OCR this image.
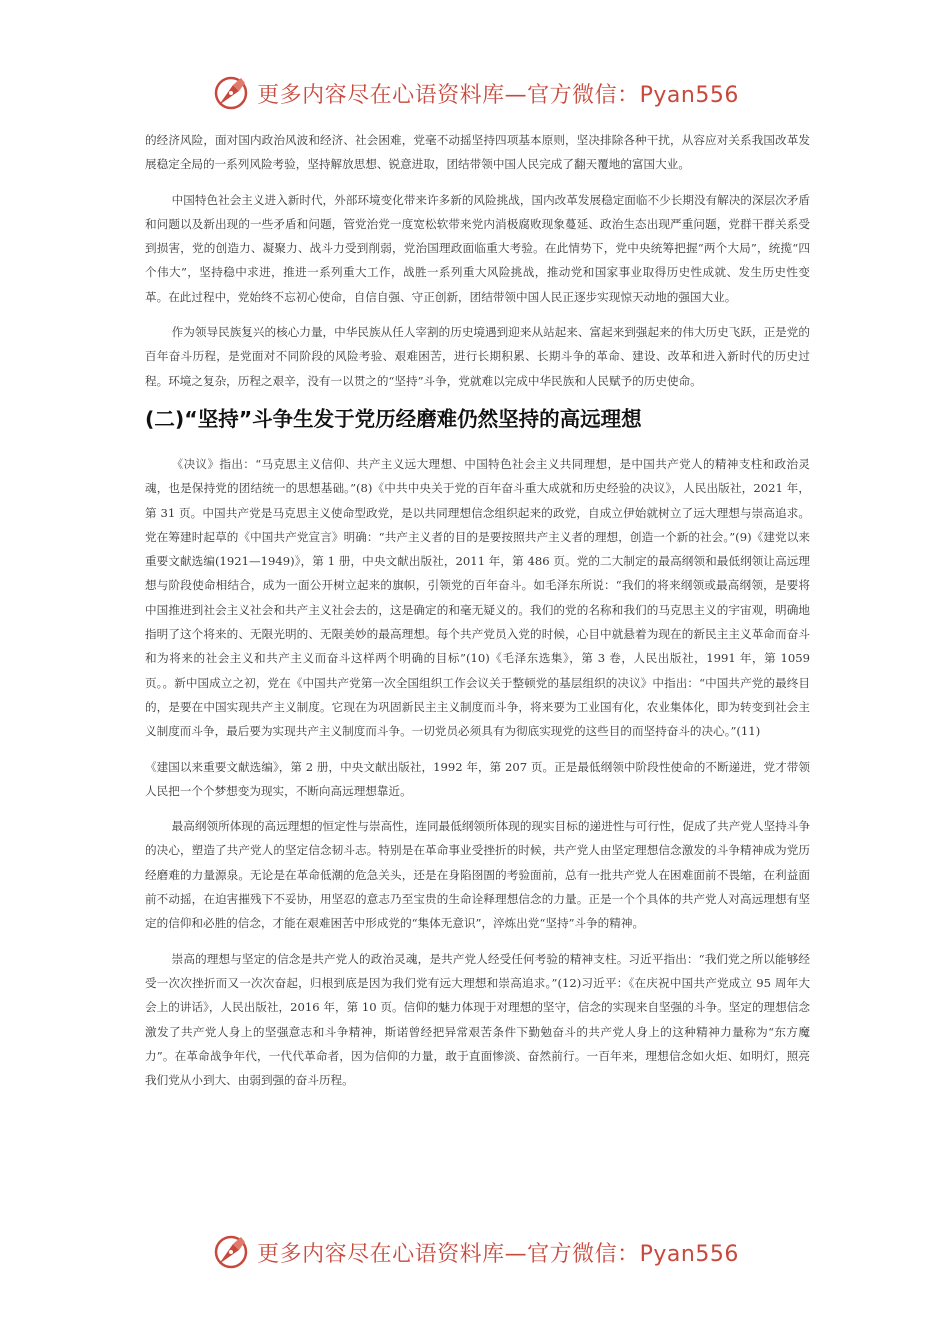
更多内容尽在心语资料库—官方微信：Pyan556

的经济风险，面对国内政治风波和经济、社会困难，党毫不动摇坚持四项基本原则，坚决排除各种干扰，从容应对关系我国改革发展稳定全局的一系列风险考验，坚持解放思想、锐意进取，团结带领中国人民完成了翻天覆地的富国大业。

中国特色社会主义进入新时代，外部环境变化带来许多新的风险挑战，国内改革发展稳定面临不少长期没有解决的深层次矛盾和问题以及新出现的一些矛盾和问题，管党治党一度宽松软带来党内消极腐败现象蔓延、政治生态出现严重问题，党群干群关系受到损害，党的创造力、凝聚力、战斗力受到削弱，党治国理政面临重大考验。在此情势下，党中央统筹把握“两个大局”，统揽“四个伟大”，坚持稳中求进，推进一系列重大工作，战胜一系列重大风险挑战，推动党和国家事业取得历史性成就、发生历史性变革。在此过程中，党始终不忘初心使命，自信自强、守正创新，团结带领中国人民正逐步实现惊天动地的强国大业。

作为领导民族复兴的核心力量，中华民族从任人宰割的历史境遇到迎来从站起来、富起来到强起来的伟大历史飞跃，正是党的百年奋斗历程，是党面对不同阶段的风险考验、艰难困苦，进行长期积累、长期斗争的革命、建设、改革和进入新时代的历史过程。环境之复杂，历程之艰辛，没有一以贯之的“坚持”斗争，党就难以完成中华民族和人民赋予的历史使命。

(二)“坚持”斗争生发于党历经磨难仍然坚持的高远理想

《决议》指出：“马克思主义信仰、共产主义远大理想、中国特色社会主义共同理想，是中国共产党人的精神支柱和政治灵魂，也是保持党的团结统一的思想基础。”(8)《中共中央关于党的百年奋斗重大成就和历史经验的决议》，人民出版社，2021 年，第 31 页。中国共产党是马克思主义使命型政党，是以共同理想信念组织起来的政党，自成立伊始就树立了远大理想与崇高追求。党在筹建时起草的《中国共产党宣言》明确：“共产主义者的目的是要按照共产主义者的理想，创造一个新的社会。”(9)《建党以来重要文献选编(1921—1949)》，第 1 册，中央文献出版社，2011 年，第 486 页。党的二大制定的最高纲领和最低纲领让高远理想与阶段使命相结合，成为一面公开树立起来的旗帜，引领党的百年奋斗。如毛泽东所说：“我们的将来纲领或最高纲领，是要将中国推进到社会主义社会和共产主义社会去的，这是确定的和毫无疑义的。我们的党的名称和我们的马克思主义的宇宙观，明确地指明了这个将来的、无限光明的、无限美妙的最高理想。每个共产党员入党的时候，心目中就悬着为现在的新民主主义革命而奋斗和为将来的社会主义和共产主义而奋斗这样两个明确的目标”(10)《毛泽东选集》，第 3 卷，人民出版社，1991 年，第 1059 页。。新中国成立之初，党在《中国共产党第一次全国组织工作会议关于整顿党的基层组织的决议》中指出：“中国共产党的最终目的，是要在中国实现共产主义制度。它现在为巩固新民主主义制度而斗争，将来要为工业国有化，农业集体化，即为转变到社会主义制度而斗争，最后要为实现共产主义制度而斗争。一切党员必须具有为彻底实现党的这些目的而坚持奋斗的决心。”(11)

《建国以来重要文献选编》，第 2 册，中央文献出版社，1992 年，第 207 页。正是最低纲领中阶段性使命的不断递进，党才带领人民把一个个梦想变为现实，不断向高远理想靠近。

最高纲领所体现的高远理想的恒定性与崇高性，连同最低纲领所体现的现实目标的递进性与可行性，促成了共产党人坚持斗争的决心，塑造了共产党人的坚定信念韧斗志。特别是在革命事业受挫折的时候，共产党人由坚定理想信念激发的斗争精神成为党历经磨难的力量源泉。无论是在革命低潮的危急关头，还是在身陷囹圄的考验面前，总有一批共产党人在困难面前不畏缩，在利益面前不动摇，在迫害摧残下不妥协，用坚忍的意志乃至宝贵的生命诠释理想信念的力量。正是一个个具体的共产党人对高远理想有坚定的信仰和必胜的信念，才能在艰难困苦中形成党的“集体无意识”，淬炼出党“坚持”斗争的精神。

崇高的理想与坚定的信念是共产党人的政治灵魂，是共产党人经受任何考验的精神支柱。习近平指出：“我们党之所以能够经受一次次挫折而又一次次奋起，归根到底是因为我们党有远大理想和崇高追求。”(12)习近平：《在庆祝中国共产党成立 95 周年大会上的讲话》，人民出版社，2016 年，第 10 页。信仰的魅力体现于对理想的坚守，信念的实现来自坚强的斗争。坚定的理想信念激发了共产党人身上的坚强意志和斗争精神，斯诺曾经把异常艰苦条件下勤勉奋斗的共产党人身上的这种精神力量称为“东方魔力”。在革命战争年代，一代代革命者，因为信仰的力量，敢于直面惨淡、奋然前行。一百年来，理想信念如火炬、如明灯，照亮我们党从小到大、由弱到强的奋斗历程。

更多内容尽在心语资料库—官方微信：Pyan556
